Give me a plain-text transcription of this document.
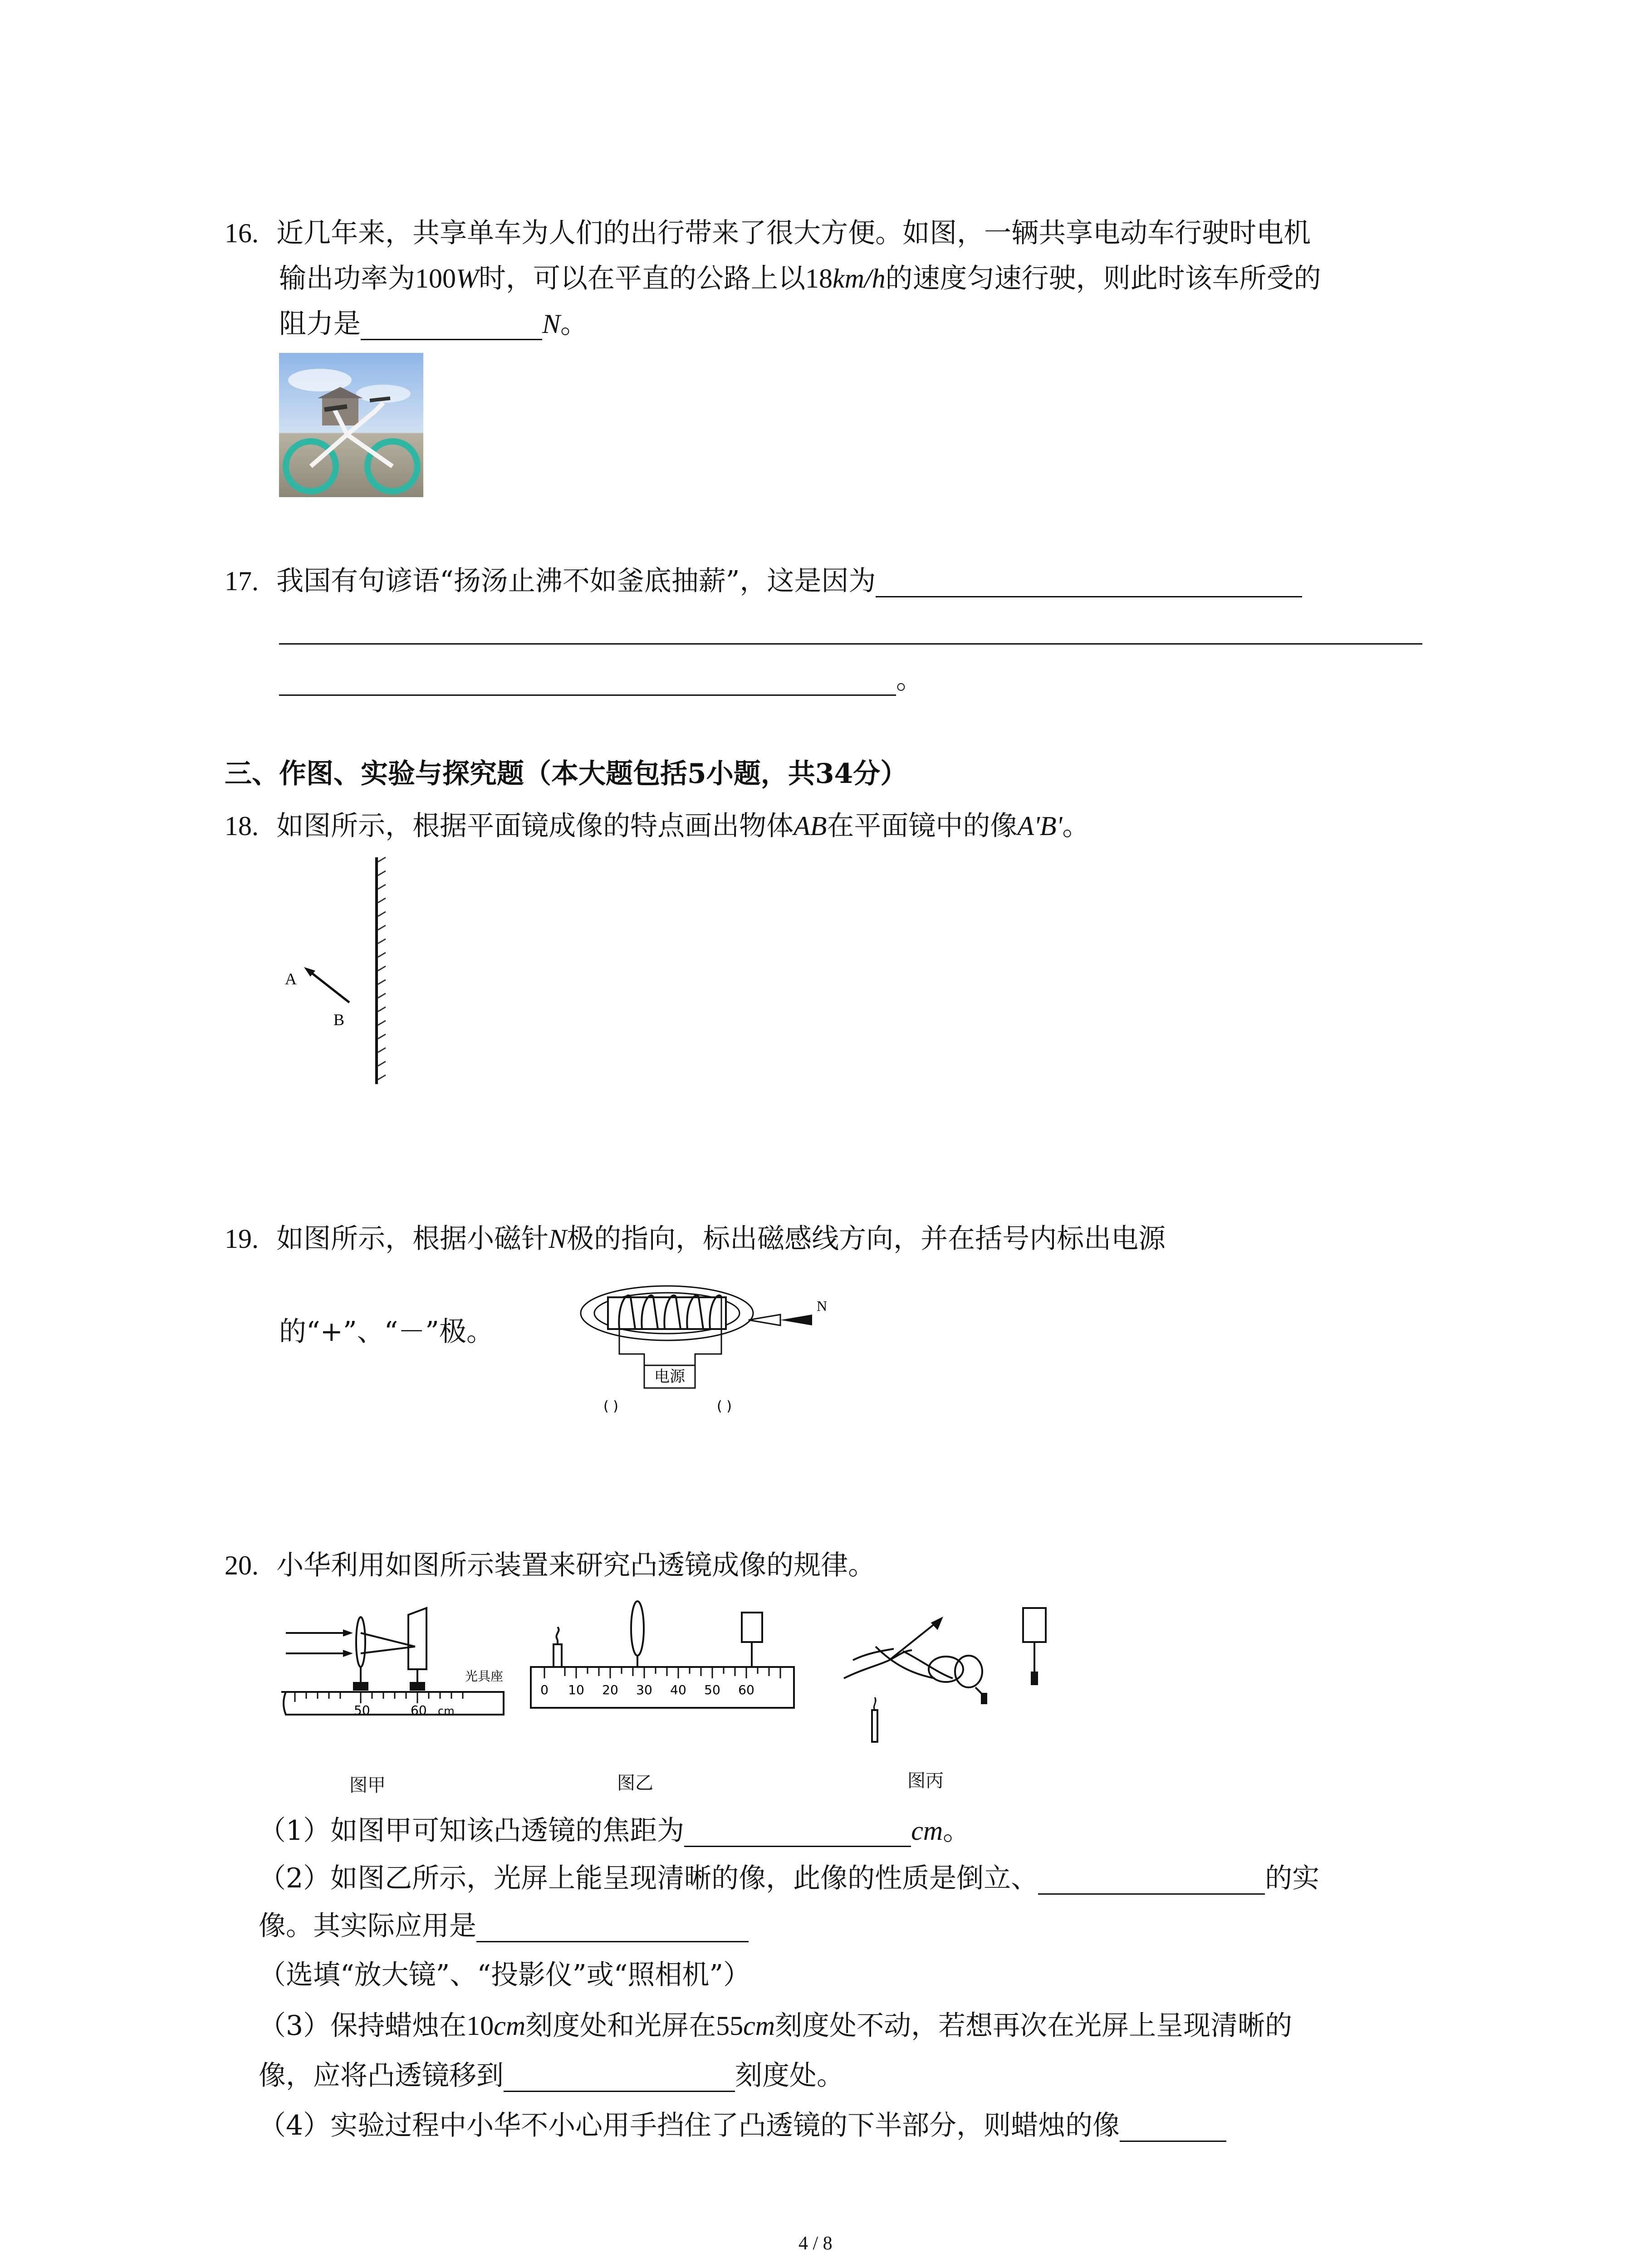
16. 近几年来，共享单车为人们的出行带来了很大方便。如图，一辆共享电动车行驶时电机
输出功率为100W时，可以在平直的公路上以18km/h的速度匀速行驶，则此时该车所受的
阻力是	N。
17. 我国有句谚语“扬汤止沸不如釜底抽薪”，这是因为
。
三、作图、实验与探究题（本大题包括5小题，共34分）
18. 如图所示，根据平面镜成像的特点画出物体AB在平面镜中的像A'B'。
A
B
19. 如图所示，根据小磁针N极的指向，标出磁感线方向，并在括号内标出电源
的“+”、“－”极。
电源
( )	( )
N
20. 小华利用如图所示装置来研究凸透镜成像的规律。
50	60 cm
光具座
图甲
0 10 20 30 40 50 60
图乙	图丙
（1）如图甲可知该凸透镜的焦距为	cm。
（2）如图乙所示，光屏上能呈现清晰的像，此像的性质是倒立、	的实
像。其实际应用是
（选填“放大镜”、“投影仪”或“照相机”）
（3）保持蜡烛在10cm刻度处和光屏在55cm刻度处不动，若想再次在光屏上呈现清晰的
像，应将凸透镜移到	刻度处。
（4）实验过程中小华不小心用手挡住了凸透镜的下半部分，则蜡烛的像
4 / 8
